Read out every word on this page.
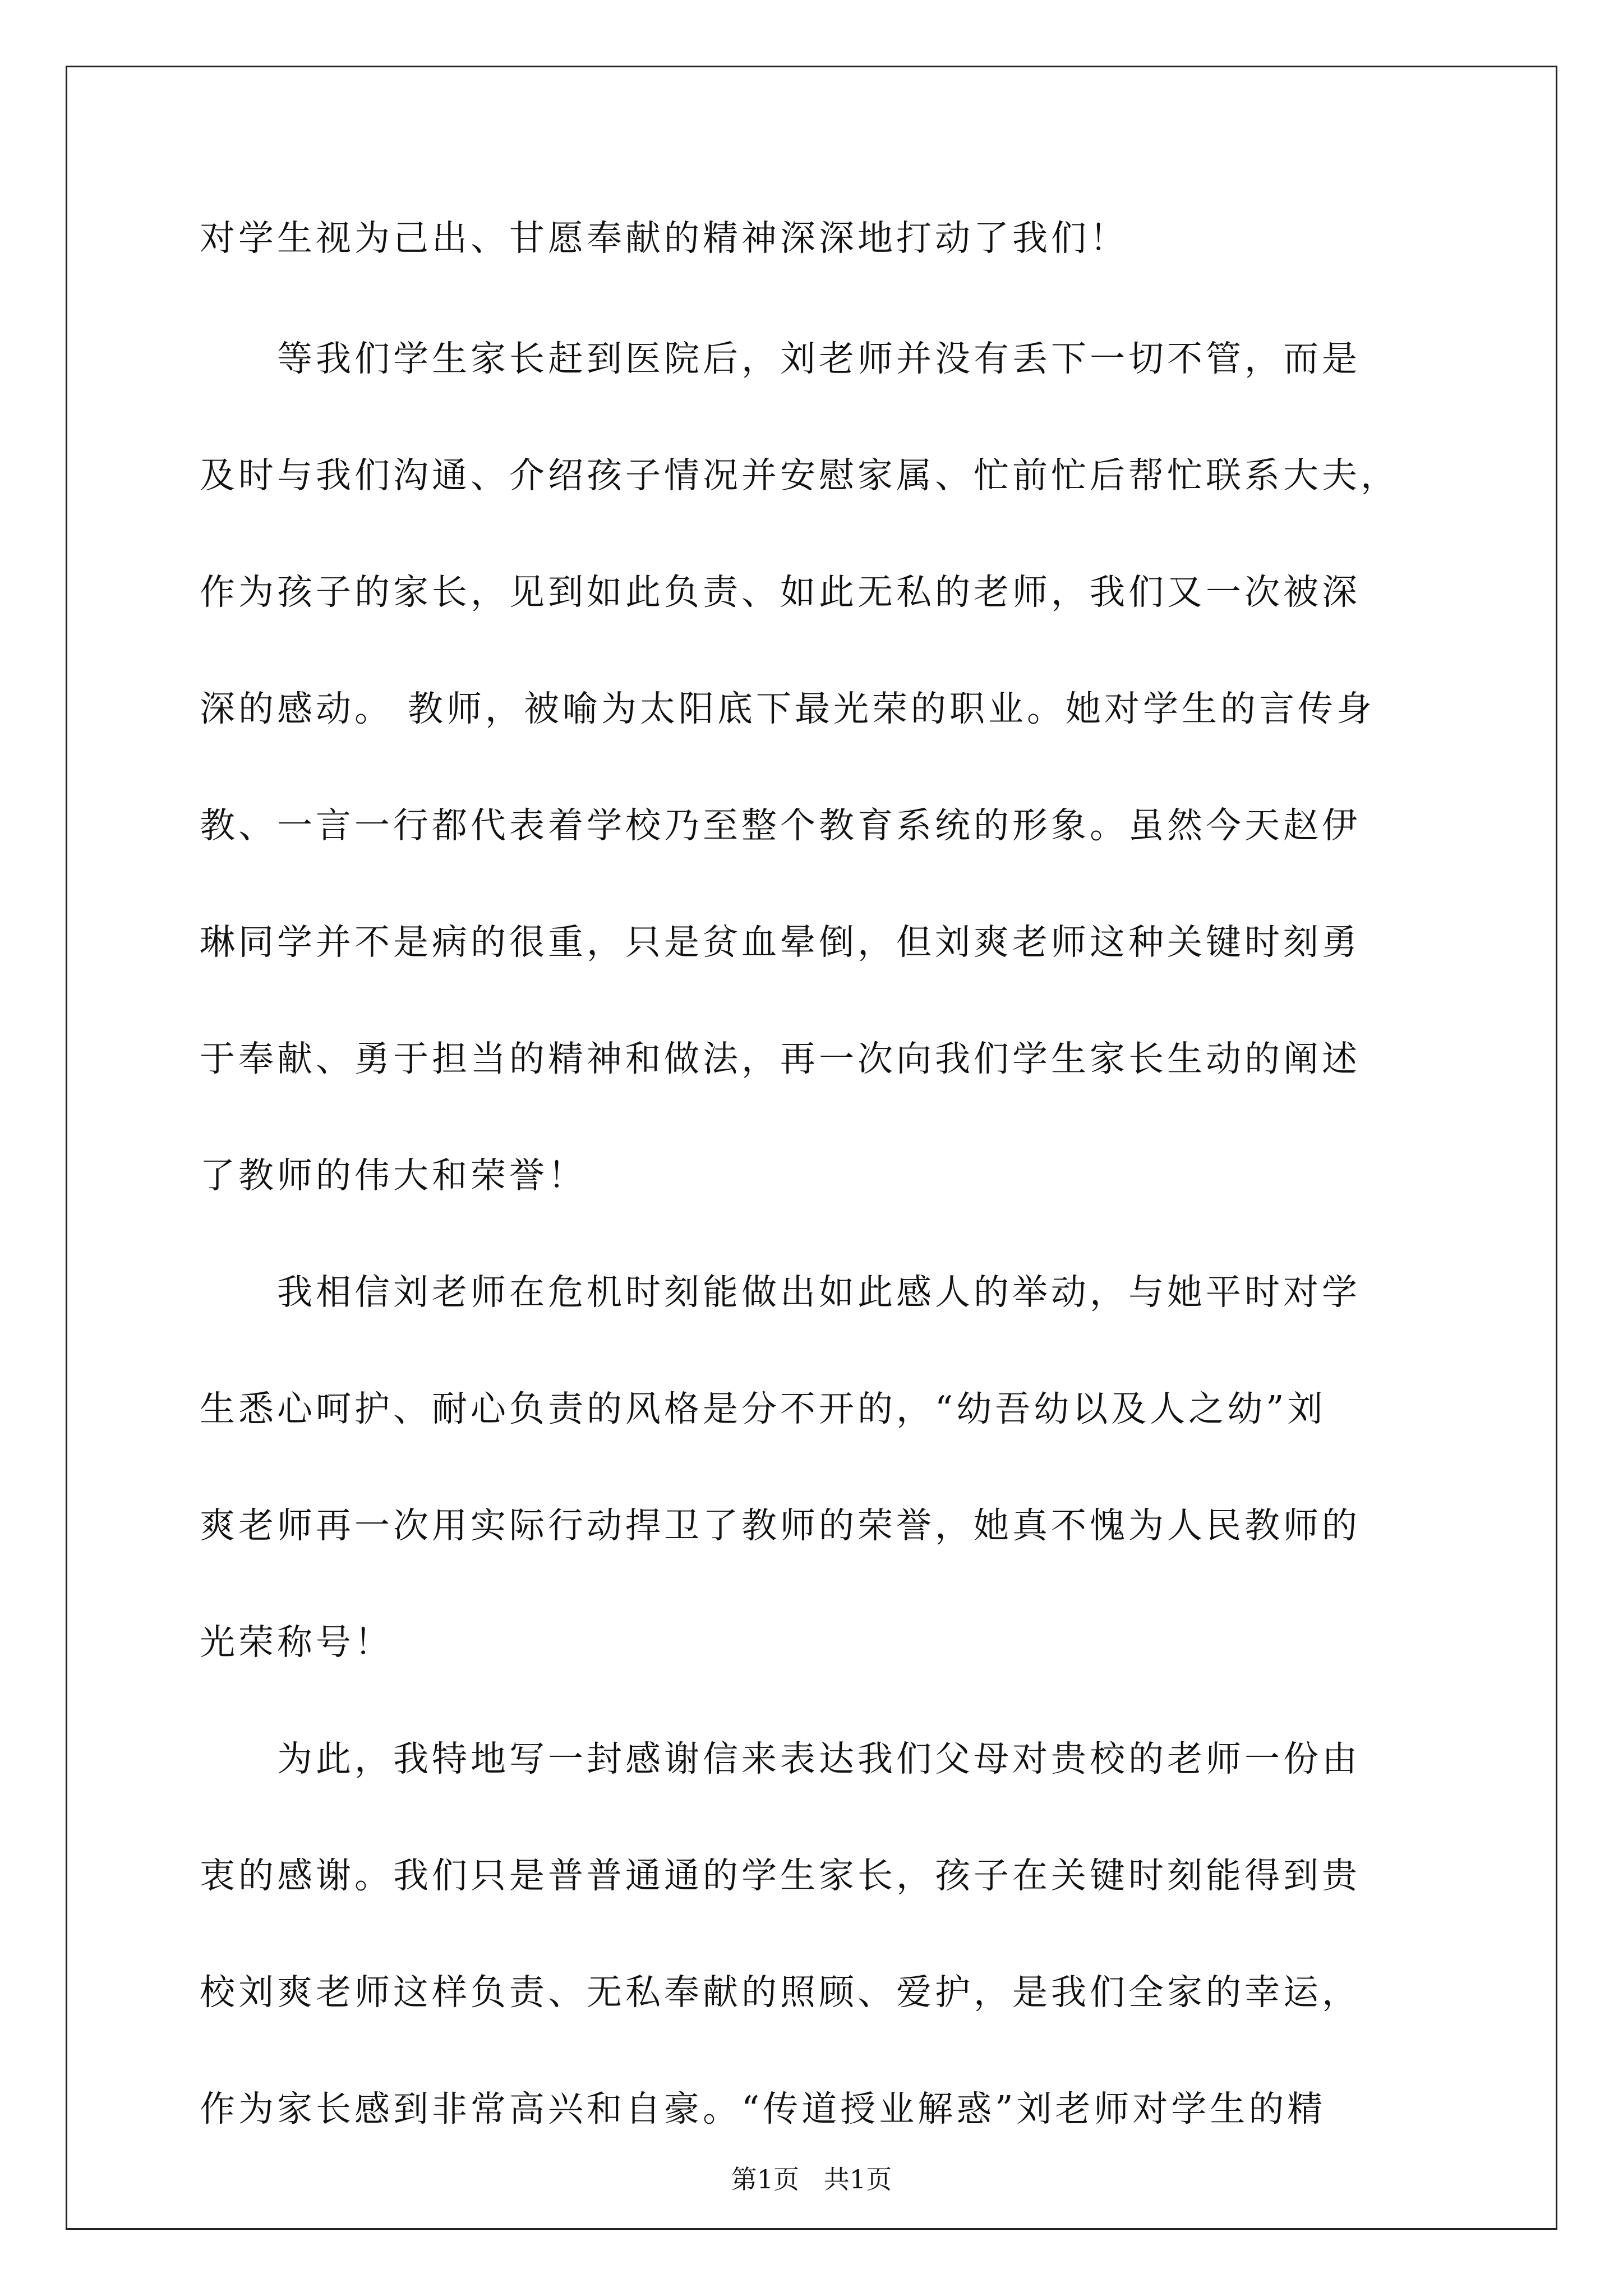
对学生视为己出、甘愿奉献的精神深深地打动了我们！
　　等我们学生家长赶到医院后，刘老师并没有丢下一切不管，而是
及时与我们沟通、介绍孩子情况并安慰家属、忙前忙后帮忙联系大夫，
作为孩子的家长，见到如此负责、如此无私的老师，我们又一次被深
深的感动。 教师，被喻为太阳底下最光荣的职业。她对学生的言传身
教、一言一行都代表着学校乃至整个教育系统的形象。虽然今天赵伊
琳同学并不是病的很重，只是贫血晕倒，但刘爽老师这种关键时刻勇
于奉献、勇于担当的精神和做法，再一次向我们学生家长生动的阐述
了教师的伟大和荣誉！
　　我相信刘老师在危机时刻能做出如此感人的举动，与她平时对学
生悉心呵护、耐心负责的风格是分不开的，“幼吾幼以及人之幼”刘
爽老师再一次用实际行动捍卫了教师的荣誉，她真不愧为人民教师的
光荣称号！
　　为此，我特地写一封感谢信来表达我们父母对贵校的老师一份由
衷的感谢。我们只是普普通通的学生家长，孩子在关键时刻能得到贵
校刘爽老师这样负责、无私奉献的照顾、爱护，是我们全家的幸运，
作为家长感到非常高兴和自豪。“传道授业解惑”刘老师对学生的精
第1页   共1页
